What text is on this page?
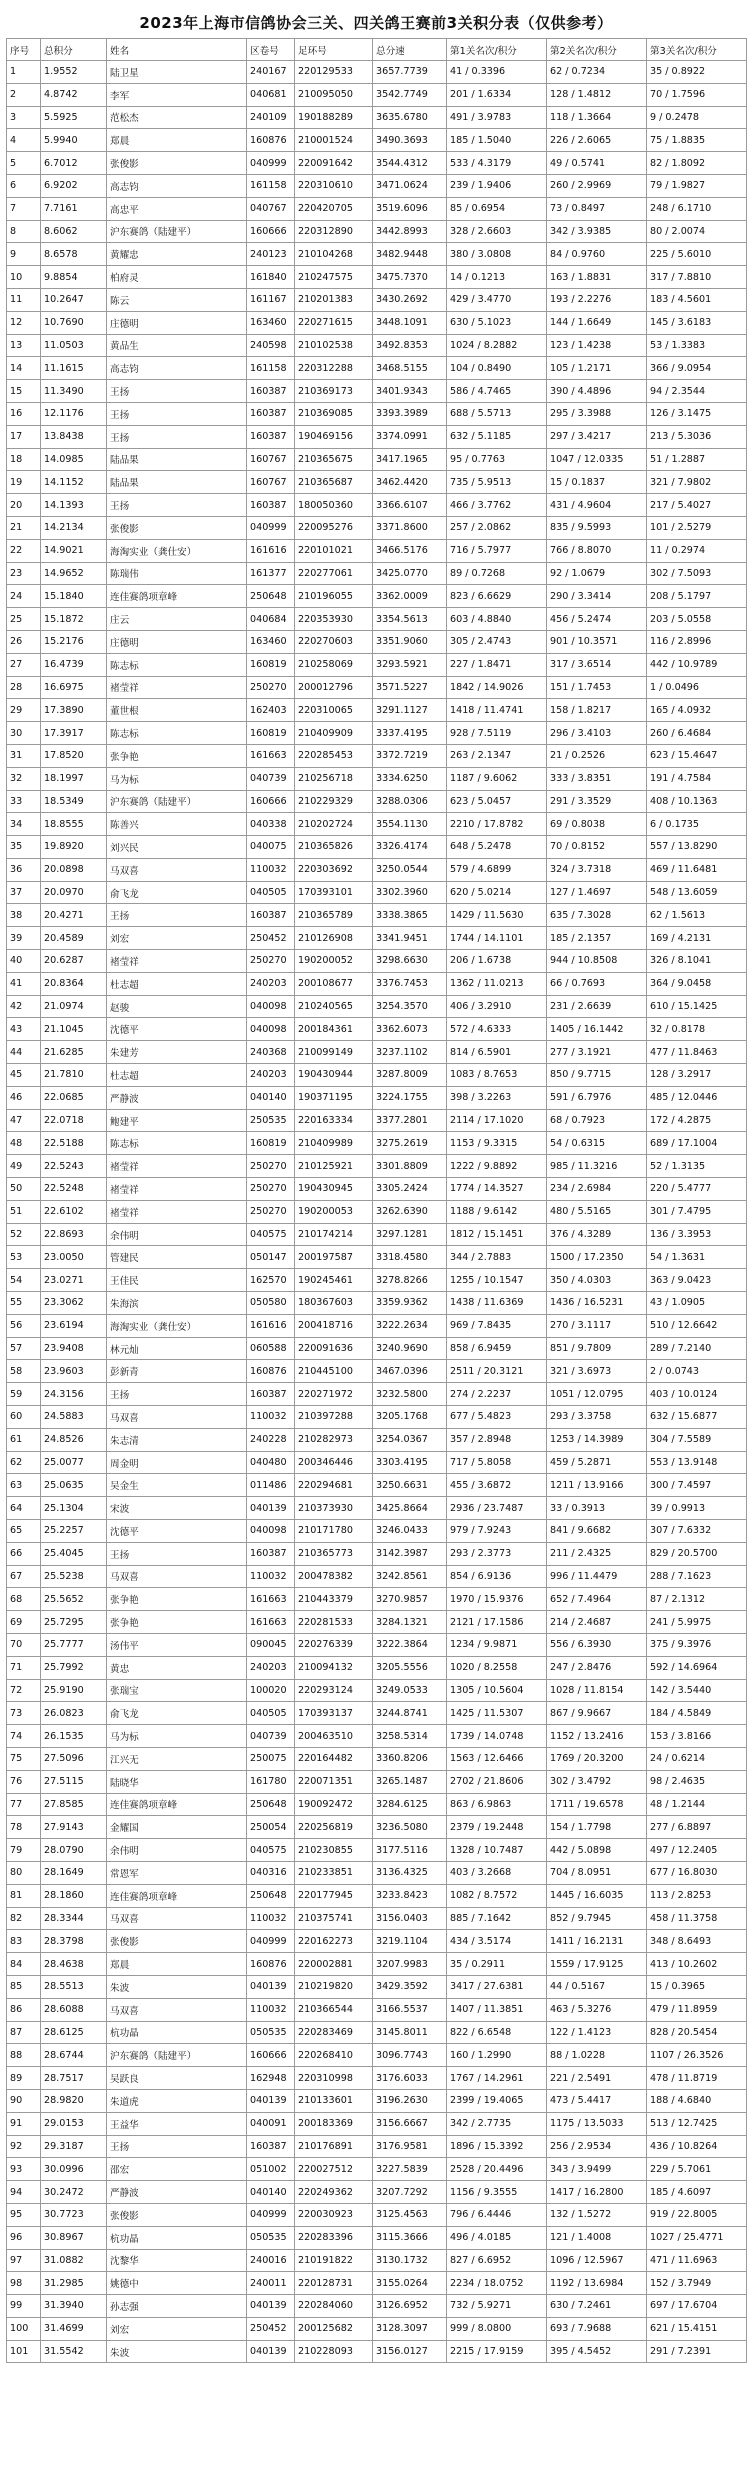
2023年上海市信鸽协会三关、四关鸽王赛前3关积分表（仅供参考）
序号	总积分	姓名	区卷号	足环号	总分速	第1关名次/积分	第2关名次/积分	第3关名次/积分
1	1.9552	陆卫星	240167	220129533	3657.7739	41 / 0.3396	62 / 0.7234	35 / 0.8922
2	4.8742	李军	040681	210095050	3542.7749	201 / 1.6334	128 / 1.4812	70 / 1.7596
3	5.5925	范松杰	240109	190188289	3635.6780	491 / 3.9783	118 / 1.3664	9 / 0.2478
4	5.9940	郑晨	160876	210001524	3490.3693	185 / 1.5040	226 / 2.6065	75 / 1.8835
5	6.7012	张俊影	040999	220091642	3544.4312	533 / 4.3179	49 / 0.5741	82 / 1.8092
6	6.9202	高志钧	161158	220310610	3471.0624	239 / 1.9406	260 / 2.9969	79 / 1.9827
7	7.7161	高忠平	040767	220420705	3519.6096	85 / 0.6954	73 / 0.8497	248 / 6.1710
8	8.6062	沪东赛鸽（陆建平）	160666	220312890	3442.8993	328 / 2.6603	342 / 3.9385	80 / 2.0074
9	8.6578	黄耀忠	240123	210104268	3482.9448	380 / 3.0808	84 / 0.9760	225 / 5.6010
10	9.8854	柏府灵	161840	210247575	3475.7370	14 / 0.1213	163 / 1.8831	317 / 7.8810
11	10.2647	陈云	161167	210201383	3430.2692	429 / 3.4770	193 / 2.2276	183 / 4.5601
12	10.7690	庄德明	163460	220271615	3448.1091	630 / 5.1023	144 / 1.6649	145 / 3.6183
13	11.0503	黄品生	240598	210102538	3492.8353	1024 / 8.2882	123 / 1.4238	53 / 1.3383
14	11.1615	高志钧	161158	220312288	3468.5155	104 / 0.8490	105 / 1.2171	366 / 9.0954
15	11.3490	王扬	160387	210369173	3401.9343	586 / 4.7465	390 / 4.4896	94 / 2.3544
16	12.1176	王扬	160387	210369085	3393.3989	688 / 5.5713	295 / 3.3988	126 / 3.1475
17	13.8438	王扬	160387	190469156	3374.0991	632 / 5.1185	297 / 3.4217	213 / 5.3036
18	14.0985	陆品果	160767	210365675	3417.1965	95 / 0.7763	1047 / 12.0335	51 / 1.2887
19	14.1152	陆品果	160767	210365687	3462.4420	735 / 5.9513	15 / 0.1837	321 / 7.9802
20	14.1393	王扬	160387	180050360	3366.6107	466 / 3.7762	431 / 4.9604	217 / 5.4027
21	14.2134	张俊影	040999	220095276	3371.8600	257 / 2.0862	835 / 9.5993	101 / 2.5279
22	14.9021	海淘实业（龚仕安）	161616	220101021	3466.5176	716 / 5.7977	766 / 8.8070	11 / 0.2974
23	14.9652	陈瑞伟	161377	220277061	3425.0770	89 / 0.7268	92 / 1.0679	302 / 7.5093
24	15.1840	连佳赛鸽项章峰	250648	210196055	3362.0009	823 / 6.6629	290 / 3.3414	208 / 5.1797
25	15.1872	庄云	040684	220353930	3354.5613	603 / 4.8840	456 / 5.2474	203 / 5.0558
26	15.2176	庄德明	163460	220270603	3351.9060	305 / 2.4743	901 / 10.3571	116 / 2.8996
27	16.4739	陈志标	160819	210258069	3293.5921	227 / 1.8471	317 / 3.6514	442 / 10.9789
28	16.6975	褚莹祥	250270	200012796	3571.5227	1842 / 14.9026	151 / 1.7453	1 / 0.0496
29	17.3890	董世根	162403	220310065	3291.1127	1418 / 11.4741	158 / 1.8217	165 / 4.0932
30	17.3917	陈志标	160819	210409909	3337.4195	928 / 7.5119	296 / 3.4103	260 / 6.4684
31	17.8520	张争艳	161663	220285453	3372.7219	263 / 2.1347	21 / 0.2526	623 / 15.4647
32	18.1997	马为标	040739	210256718	3334.6250	1187 / 9.6062	333 / 3.8351	191 / 4.7584
33	18.5349	沪东赛鸽（陆建平）	160666	210229329	3288.0306	623 / 5.0457	291 / 3.3529	408 / 10.1363
34	18.8555	陈善兴	040338	210202724	3554.1130	2210 / 17.8782	69 / 0.8038	6 / 0.1735
35	19.8920	刘兴民	040075	210365826	3326.4174	648 / 5.2478	70 / 0.8152	557 / 13.8290
36	20.0898	马双喜	110032	220303692	3250.0544	579 / 4.6899	324 / 3.7318	469 / 11.6481
37	20.0970	俞飞龙	040505	170393101	3302.3960	620 / 5.0214	127 / 1.4697	548 / 13.6059
38	20.4271	王扬	160387	210365789	3338.3865	1429 / 11.5630	635 / 7.3028	62 / 1.5613
39	20.4589	刘宏	250452	210126908	3341.9451	1744 / 14.1101	185 / 2.1357	169 / 4.2131
40	20.6287	褚莹祥	250270	190200052	3298.6630	206 / 1.6738	944 / 10.8508	326 / 8.1041
41	20.8364	杜志超	240203	200108677	3376.7453	1362 / 11.0213	66 / 0.7693	364 / 9.0458
42	21.0974	赵骏	040098	210240565	3254.3570	406 / 3.2910	231 / 2.6639	610 / 15.1425
43	21.1045	沈德平	040098	200184361	3362.6073	572 / 4.6333	1405 / 16.1442	32 / 0.8178
44	21.6285	朱建芳	240368	210099149	3237.1102	814 / 6.5901	277 / 3.1921	477 / 11.8463
45	21.7810	杜志超	240203	190430944	3287.8009	1083 / 8.7653	850 / 9.7715	128 / 3.2917
46	22.0685	严静波	040140	190371195	3224.1755	398 / 3.2263	591 / 6.7976	485 / 12.0446
47	22.0718	鲍建平	250535	220163334	3377.2801	2114 / 17.1020	68 / 0.7923	172 / 4.2875
48	22.5188	陈志标	160819	210409989	3275.2619	1153 / 9.3315	54 / 0.6315	689 / 17.1004
49	22.5243	褚莹祥	250270	210125921	3301.8809	1222 / 9.8892	985 / 11.3216	52 / 1.3135
50	22.5248	褚莹祥	250270	190430945	3305.2424	1774 / 14.3527	234 / 2.6984	220 / 5.4777
51	22.6102	褚莹祥	250270	190200053	3262.6390	1188 / 9.6142	480 / 5.5165	301 / 7.4795
52	22.8693	余伟明	040575	210174214	3297.1281	1812 / 15.1451	376 / 4.3289	136 / 3.3953
53	23.0050	管建民	050147	200197587	3318.4580	344 / 2.7883	1500 / 17.2350	54 / 1.3631
54	23.0271	王佳民	162570	190245461	3278.8266	1255 / 10.1547	350 / 4.0303	363 / 9.0423
55	23.3062	朱海滨	050580	180367603	3359.9362	1438 / 11.6369	1436 / 16.5231	43 / 1.0905
56	23.6194	海淘实业（龚仕安）	161616	200418716	3222.2634	969 / 7.8435	270 / 3.1117	510 / 12.6642
57	23.9408	林元灿	060588	220091636	3240.9690	858 / 6.9459	851 / 9.7809	289 / 7.2140
58	23.9603	彭新青	160876	210445100	3467.0396	2511 / 20.3121	321 / 3.6973	2 / 0.0743
59	24.3156	王扬	160387	220271972	3232.5800	274 / 2.2237	1051 / 12.0795	403 / 10.0124
60	24.5883	马双喜	110032	210397288	3205.1768	677 / 5.4823	293 / 3.3758	632 / 15.6877
61	24.8526	朱志清	240228	210282973	3254.0367	357 / 2.8948	1253 / 14.3989	304 / 7.5589
62	25.0077	周金明	040480	200346446	3303.4195	717 / 5.8058	459 / 5.2871	553 / 13.9148
63	25.0635	吴金生	011486	220294681	3250.6631	455 / 3.6872	1211 / 13.9166	300 / 7.4597
64	25.1304	宋波	040139	210373930	3425.8664	2936 / 23.7487	33 / 0.3913	39 / 0.9913
65	25.2257	沈德平	040098	210171780	3246.0433	979 / 7.9243	841 / 9.6682	307 / 7.6332
66	25.4045	王扬	160387	210365773	3142.3987	293 / 2.3773	211 / 2.4325	829 / 20.5700
67	25.5238	马双喜	110032	200478382	3242.8561	854 / 6.9136	996 / 11.4479	288 / 7.1623
68	25.5652	张争艳	161663	210443379	3270.9857	1970 / 15.9376	652 / 7.4964	87 / 2.1312
69	25.7295	张争艳	161663	220281533	3284.1321	2121 / 17.1586	214 / 2.4687	241 / 5.9975
70	25.7777	汤伟平	090045	220276339	3222.3864	1234 / 9.9871	556 / 6.3930	375 / 9.3976
71	25.7992	黄忠	240203	210094132	3205.5556	1020 / 8.2558	247 / 2.8476	592 / 14.6964
72	25.9190	张瑞宝	100020	220293124	3249.0533	1305 / 10.5604	1028 / 11.8154	142 / 3.5440
73	26.0823	俞飞龙	040505	170393137	3244.8741	1425 / 11.5307	867 / 9.9667	184 / 4.5849
74	26.1535	马为标	040739	200463510	3258.5314	1739 / 14.0748	1152 / 13.2416	153 / 3.8166
75	27.5096	江兴无	250075	220164482	3360.8206	1563 / 12.6466	1769 / 20.3200	24 / 0.6214
76	27.5115	陆晓华	161780	220071351	3265.1487	2702 / 21.8606	302 / 3.4792	98 / 2.4635
77	27.8585	连佳赛鸽项章峰	250648	190092472	3284.6125	863 / 6.9863	1711 / 19.6578	48 / 1.2144
78	27.9143	金耀国	250054	220256819	3236.5080	2379 / 19.2448	154 / 1.7798	277 / 6.8897
79	28.0790	余伟明	040575	210230855	3177.5116	1328 / 10.7487	442 / 5.0898	497 / 12.2405
80	28.1649	常恩军	040316	210233851	3136.4325	403 / 3.2668	704 / 8.0951	677 / 16.8030
81	28.1860	连佳赛鸽项章峰	250648	220177945	3233.8423	1082 / 8.7572	1445 / 16.6035	113 / 2.8253
82	28.3344	马双喜	110032	210375741	3156.0403	885 / 7.1642	852 / 9.7945	458 / 11.3758
83	28.3798	张俊影	040999	220162273	3219.1104	434 / 3.5174	1411 / 16.2131	348 / 8.6493
84	28.4638	郑晨	160876	220002881	3207.9983	35 / 0.2911	1559 / 17.9125	413 / 10.2602
85	28.5513	朱波	040139	210219820	3429.3592	3417 / 27.6381	44 / 0.5167	15 / 0.3965
86	28.6088	马双喜	110032	210366544	3166.5537	1407 / 11.3851	463 / 5.3276	479 / 11.8959
87	28.6125	杭功晶	050535	220283469	3145.8011	822 / 6.6548	122 / 1.4123	828 / 20.5454
88	28.6744	沪东赛鸽（陆建平）	160666	220268410	3096.7743	160 / 1.2990	88 / 1.0228	1107 / 26.3526
89	28.7517	吴跃良	162948	220310998	3176.6033	1767 / 14.2961	221 / 2.5491	478 / 11.8719
90	28.9820	朱道虎	040139	210133601	3196.2630	2399 / 19.4065	473 / 5.4417	188 / 4.6840
91	29.0153	王益华	040091	200183369	3156.6667	342 / 2.7735	1175 / 13.5033	513 / 12.7425
92	29.3187	王扬	160387	210176891	3176.9581	1896 / 15.3392	256 / 2.9534	436 / 10.8264
93	30.0996	邵宏	051002	220027512	3227.5839	2528 / 20.4496	343 / 3.9499	229 / 5.7061
94	30.2472	严静波	040140	220249362	3207.7292	1156 / 9.3555	1417 / 16.2800	185 / 4.6097
95	30.7723	张俊影	040999	220030923	3125.4563	796 / 6.4446	132 / 1.5272	919 / 22.8005
96	30.8967	杭功晶	050535	220283396	3115.3666	496 / 4.0185	121 / 1.4008	1027 / 25.4771
97	31.0882	沈黎华	240016	210191822	3130.1732	827 / 6.6952	1096 / 12.5967	471 / 11.6963
98	31.2985	姚德中	240011	220128731	3155.0264	2234 / 18.0752	1192 / 13.6984	152 / 3.7949
99	31.3940	孙志强	040139	220284060	3126.6952	732 / 5.9271	630 / 7.2461	697 / 17.6704
100	31.4699	刘宏	250452	200125682	3128.3097	999 / 8.0800	693 / 7.9688	621 / 15.4151
101	31.5542	朱波	040139	210228093	3156.0127	2215 / 17.9159	395 / 4.5452	291 / 7.2391
